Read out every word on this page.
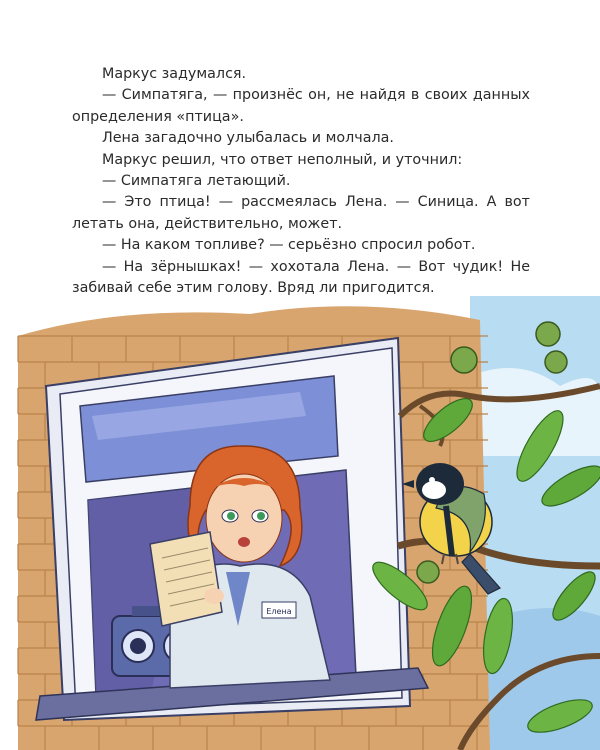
Маркус задумался.

— Симпатяга, — произнёс он, не найдя в своих данных определения «птица».

Лена загадочно улыбалась и молчала.

Маркус решил, что ответ неполный, и уточнил:

— Симпатяга летающий.

— Это птица! — рассмеялась Лена. — Синица. А вот летать она, действительно, может.

— На каком топливе? — серьёзно спросил робот.

— На зёрнышках! — хохотала Лена. — Вот чудик! Не забивай себе этим голову. Вряд ли пригодится.

Елена
